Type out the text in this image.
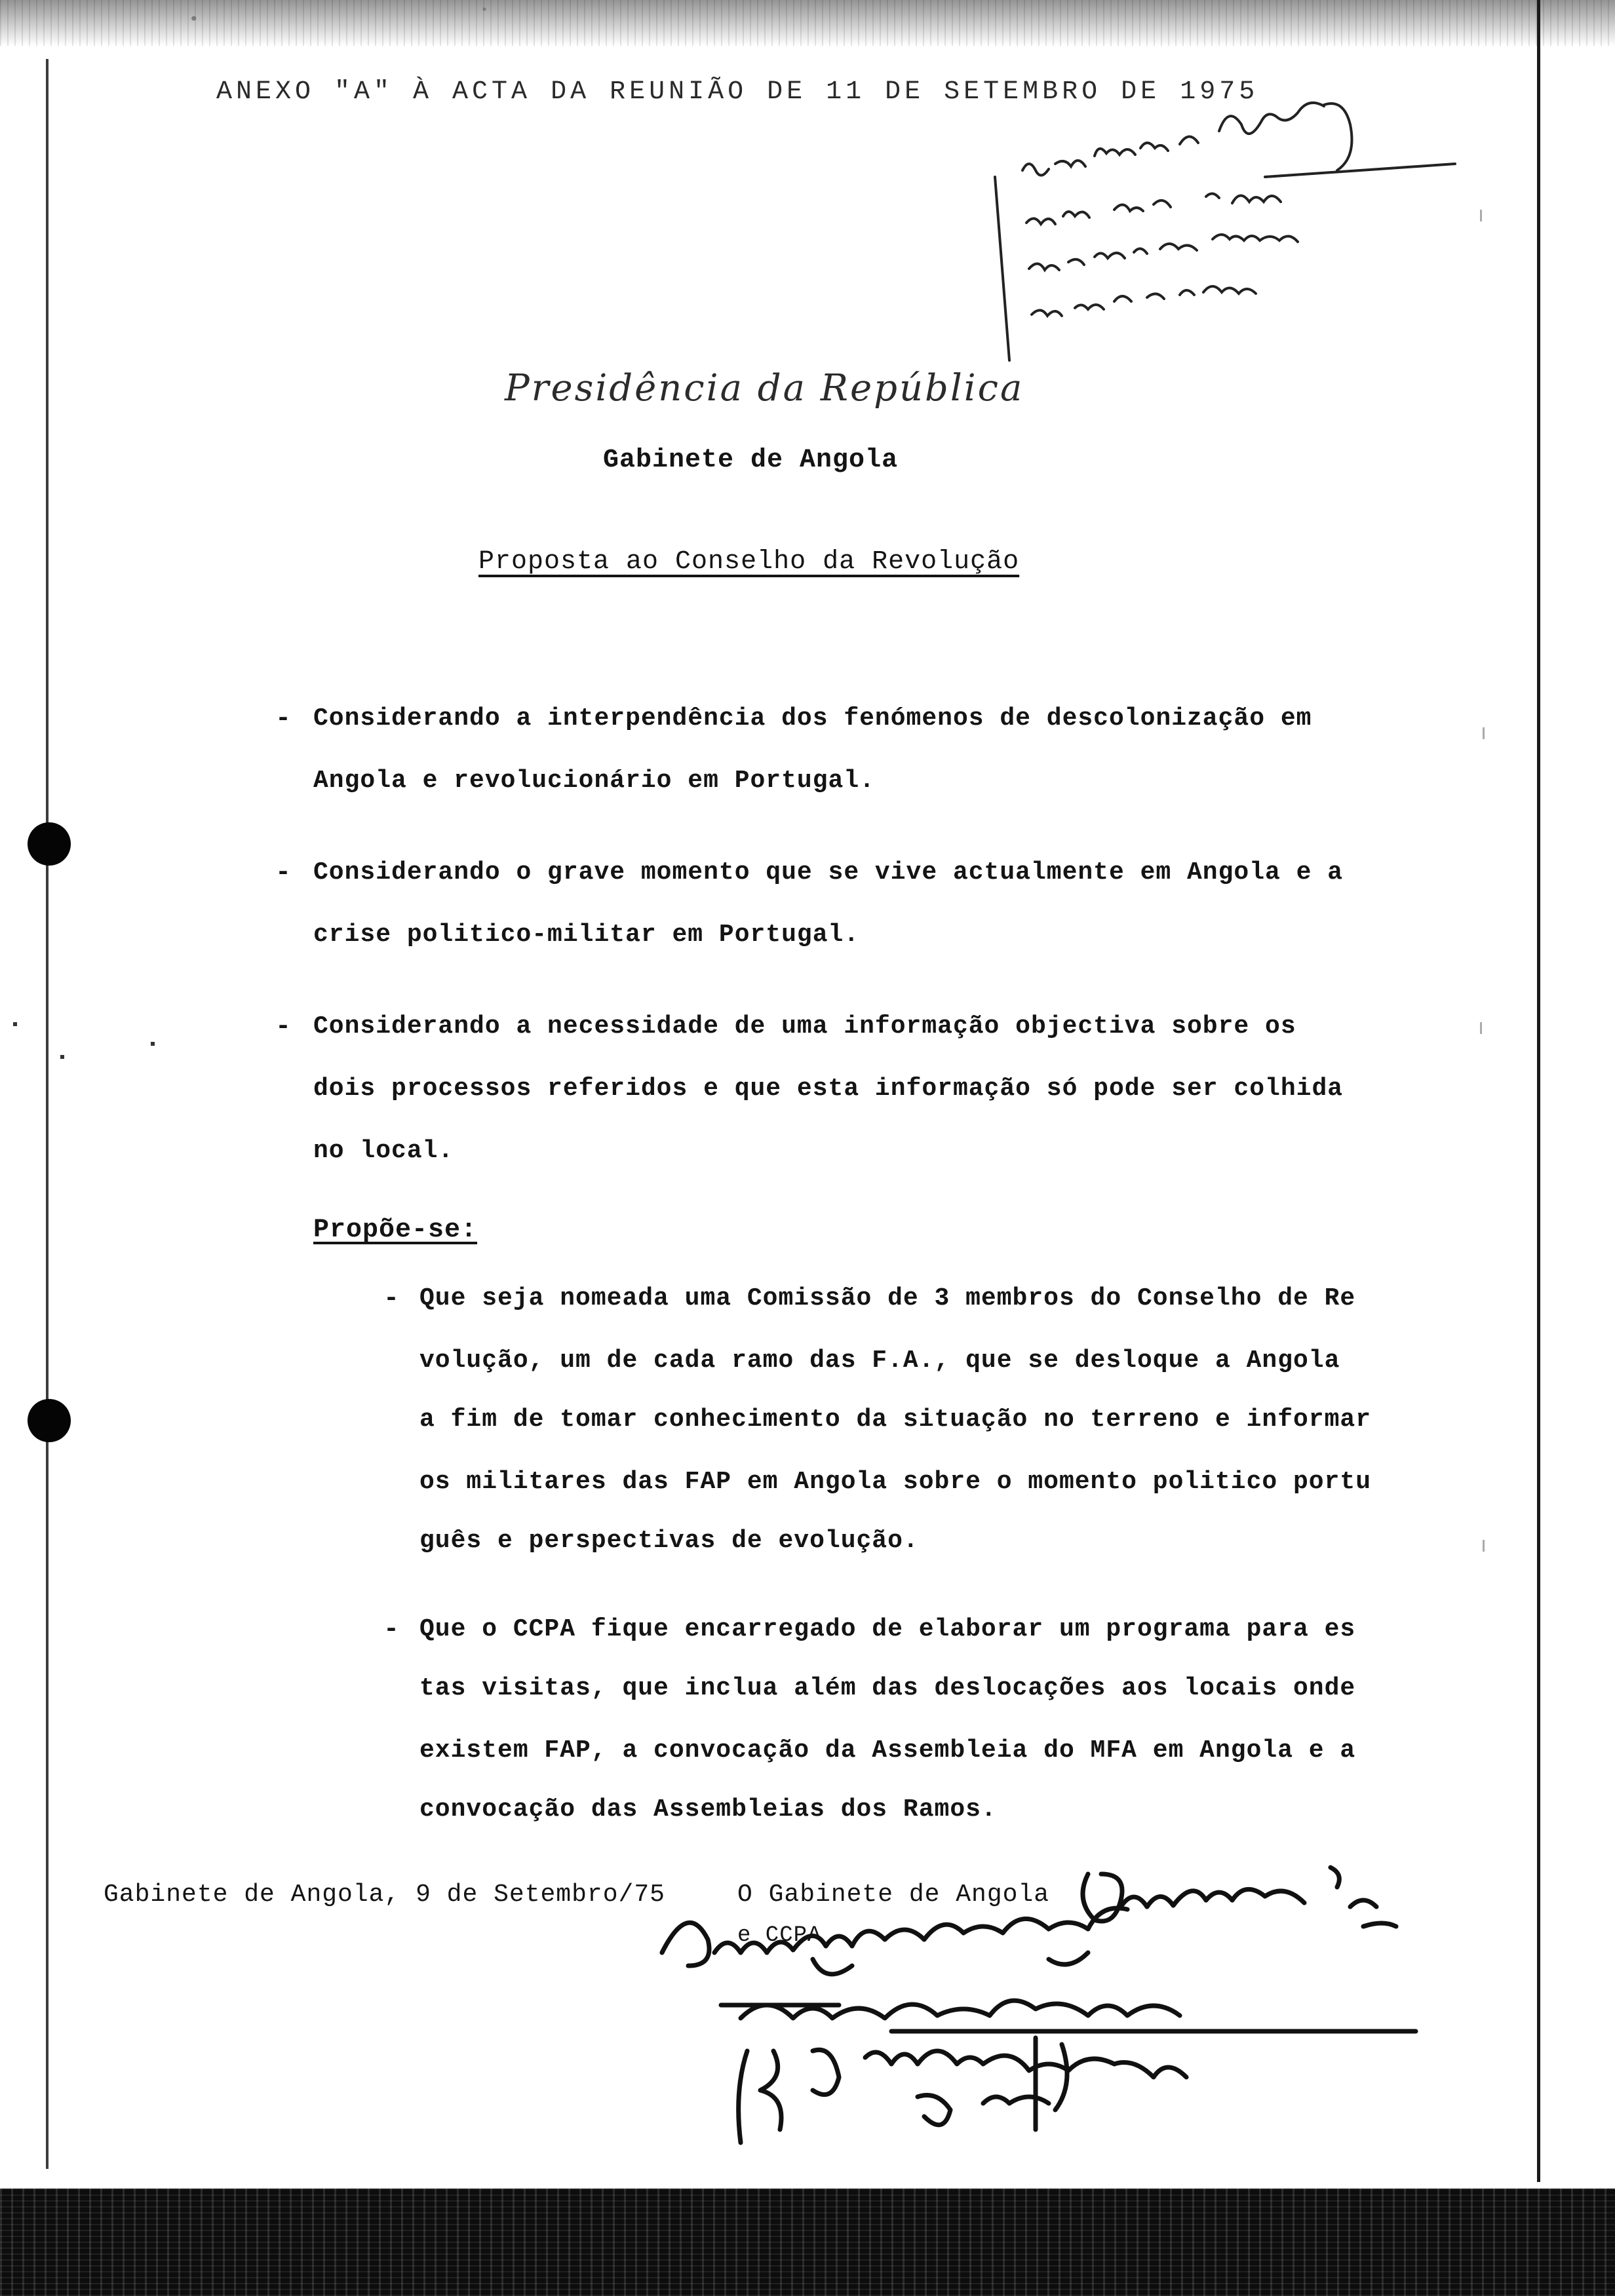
ANEXO "A" À ACTA DA REUNIÃO DE 11 DE SETEMBRO DE 1975
Presidência da República
Gabinete de Angola
Proposta ao Conselho da Revolução
- Considerando a interpendência dos fenómenos de descolonização em
Angola e revolucionário em Portugal.
- Considerando o grave momento que se vive actualmente em Angola e a
crise politico-militar em Portugal.
- Considerando a necessidade de uma informação objectiva sobre os
dois processos referidos e que esta informação só pode ser colhida
no local.
Propõe-se:
- Que seja nomeada uma Comissão de 3 membros do Conselho de Re
volução, um de cada ramo das F.A., que se desloque a Angola
a fim de tomar conhecimento da situação no terreno e informar
os militares das FAP em Angola sobre o momento politico portu
guês e perspectivas de evolução.
- Que o CCPA fique encarregado de elaborar um programa para es
tas visitas, que inclua além das deslocações aos locais onde
existem FAP, a convocação da Assembleia do MFA em Angola e a
convocação das Assembleias dos Ramos.
Gabinete de Angola, 9 de Setembro/75	O Gabinete de Angola
e CCPA
